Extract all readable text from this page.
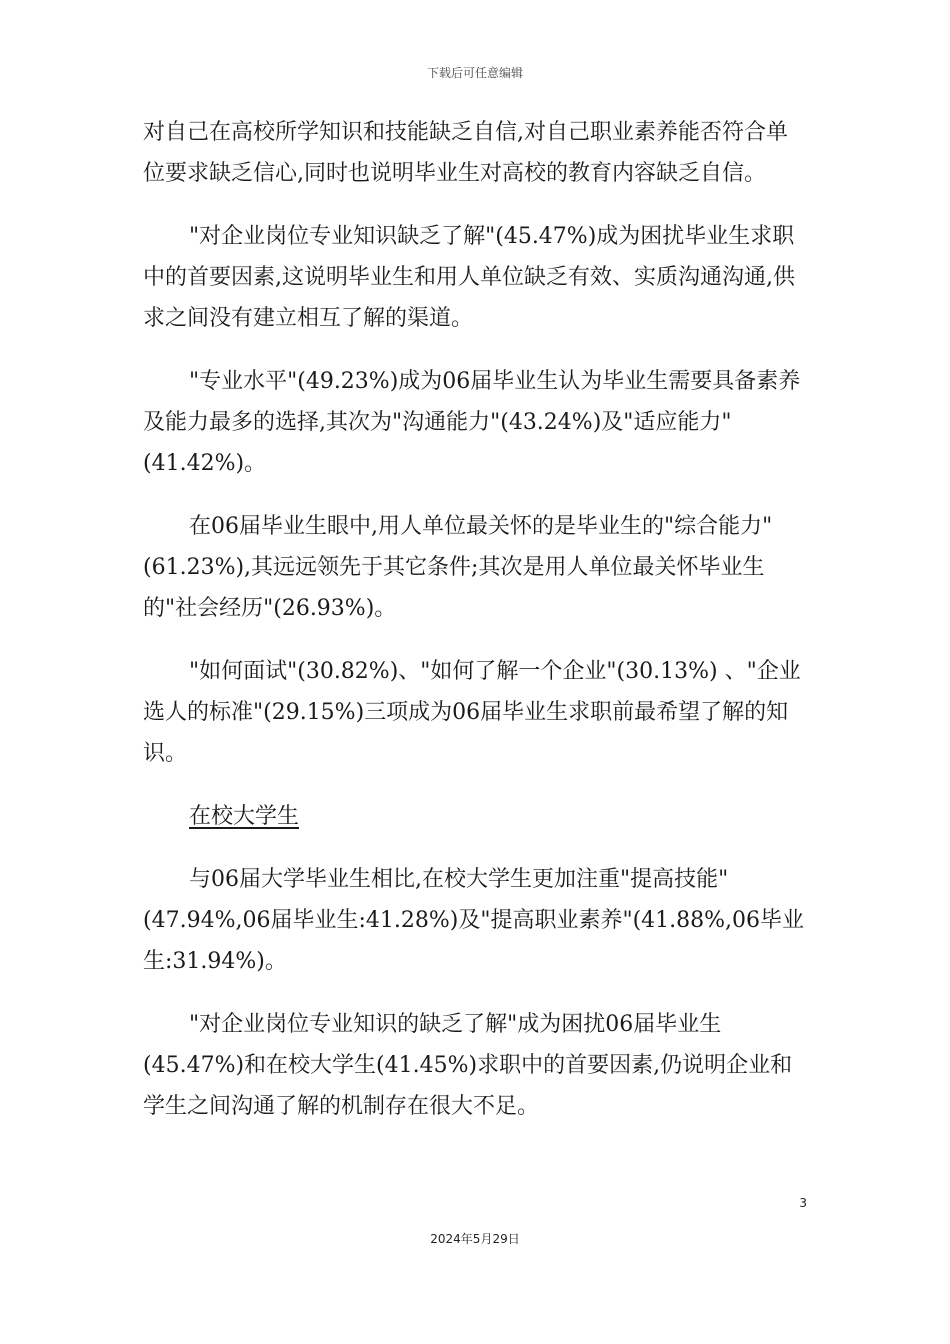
下载后可任意编辑

对自己在高校所学知识和技能缺乏自信,对自己职业素养能否符合单位要求缺乏信心,同时也说明毕业生对高校的教育内容缺乏自信。

"对企业岗位专业知识缺乏了解"(45.47%)成为困扰毕业生求职中的首要因素,这说明毕业生和用人单位缺乏有效、实质沟通沟通,供求之间没有建立相互了解的渠道。

"专业水平"(49.23%)成为06届毕业生认为毕业生需要具备素养及能力最多的选择,其次为"沟通能力"(43.24%)及"适应能力"(41.42%)。

在06届毕业生眼中,用人单位最关怀的是毕业生的"综合能力"(61.23%),其远远领先于其它条件;其次是用人单位最关怀毕业生的"社会经历"(26.93%)。

"如何面试"(30.82%)、"如何了解一个企业"(30.13%) 、"企业选人的标准"(29.15%)三项成为06届毕业生求职前最希望了解的知识。

在校大学生

与06届大学毕业生相比,在校大学生更加注重"提高技能"(47.94%,06届毕业生:41.28%)及"提高职业素养"(41.88%,06毕业生:31.94%)。

"对企业岗位专业知识的缺乏了解"成为困扰06届毕业生(45.47%)和在校大学生(41.45%)求职中的首要因素,仍说明企业和学生之间沟通了解的机制存在很大不足。

3
2024年5月29日
